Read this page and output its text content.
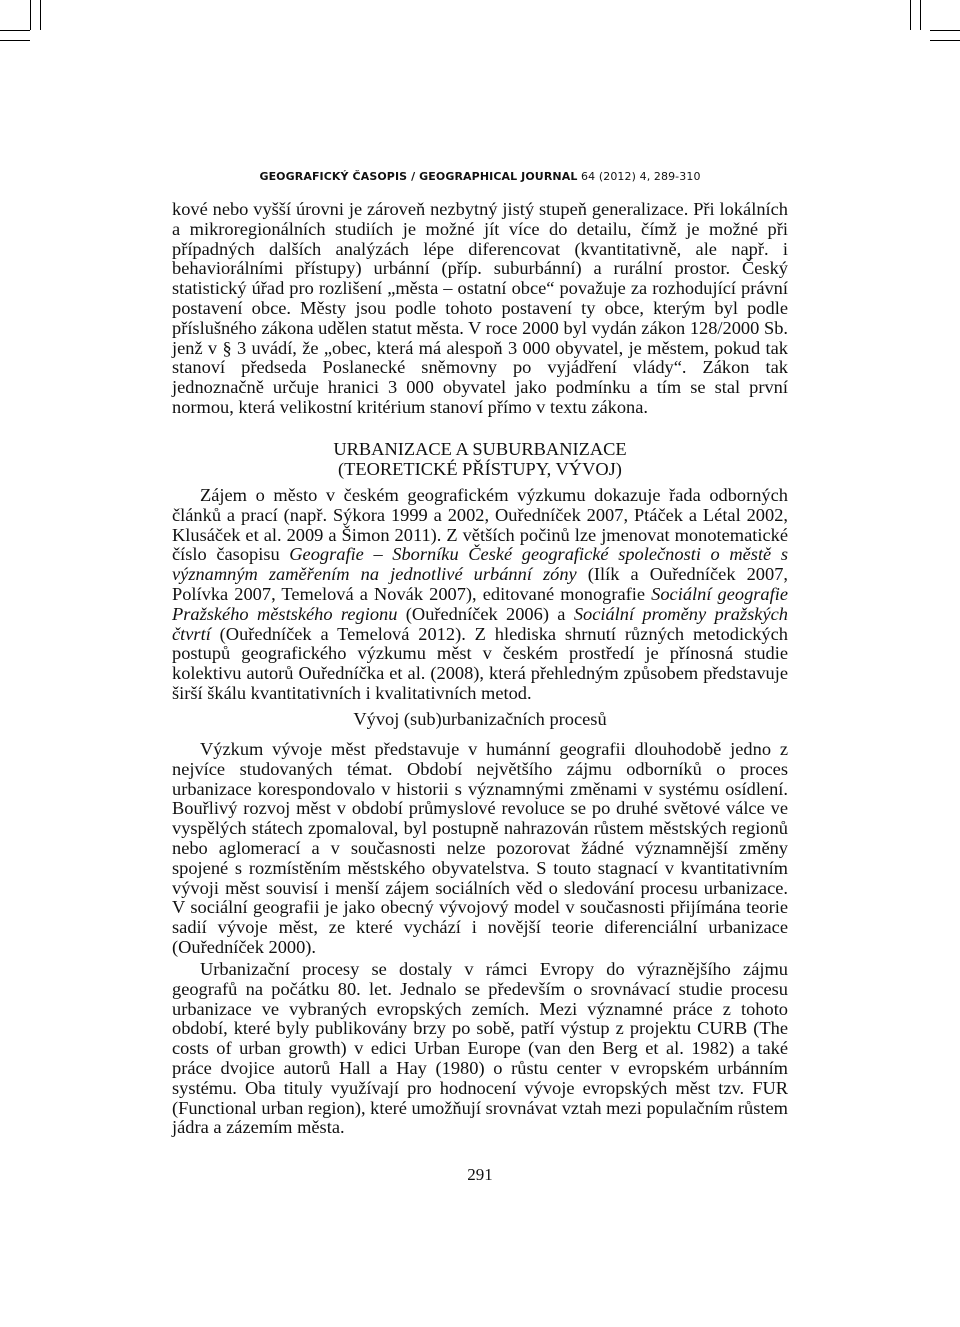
GEOGRAFICKÝ ČASOPIS / GEOGRAPHICAL JOURNAL 64 (2012) 4, 289-310

kové nebo vyšší úrovni je zároveň nezbytný jistý stupeň generalizace. Při lokálních a mikroregionálních studiích je možné jít více do detailu, čímž je možné při případných dalších analýzách lépe diferencovat (kvantitativně, ale např. i behaviorálními přístupy) urbánní (příp. suburbánní) a rurální prostor. Český statistický úřad pro rozlišení „města – ostatní obce“ považuje za rozhodující právní postavení obce. Městy jsou podle tohoto postavení ty obce, kterým byl podle příslušného zákona udělen statut města. V roce 2000 byl vydán zákon 128/2000 Sb. jenž v § 3 uvádí, že „obec, která má alespoň 3 000 obyvatel, je městem, pokud tak stanoví předseda Poslanecké sněmovny po vyjádření vlády“. Zákon tak jednoznačně určuje hranici 3 000 obyvatel jako podmínku a tím se stal první normou, která velikostní kritérium stanoví přímo v textu zákona.

URBANIZACE A SUBURBANIZACE
(TEORETICKÉ PŘÍSTUPY, VÝVOJ)

Zájem o město v českém geografickém výzkumu dokazuje řada odborných článků a prací (např. Sýkora 1999 a 2002, Ouředníček 2007, Ptáček a Létal 2002, Klusáček et al. 2009 a Šimon 2011). Z větších počinů lze jmenovat monotematické číslo časopisu Geografie – Sborníku České geografické společnosti o městě s významným zaměřením na jednotlivé urbánní zóny (Ilík a Ouředníček 2007, Polívka 2007, Temelová a Novák 2007), editované monografie Sociální geografie Pražského městského regionu (Ouředníček 2006) a Sociální proměny pražských čtvrtí (Ouředníček a Temelová 2012). Z hlediska shrnutí různých metodických postupů geografického výzkumu měst v českém prostředí je přínosná studie kolektivu autorů Ouředníčka et al. (2008), která přehledným způsobem představuje širší škálu kvantitativních i kvalitativních metod.

Vývoj (sub)urbanizačních procesů

Výzkum vývoje měst představuje v humánní geografii dlouhodobě jedno z nejvíce studovaných témat. Období největšího zájmu odborníků o proces urbanizace korespondovalo v historii s významnými změnami v systému osídlení. Bouřlivý rozvoj měst v období průmyslové revoluce se po druhé světové válce ve vyspělých státech zpomaloval, byl postupně nahrazován růstem městských regionů nebo aglomerací a v současnosti nelze pozorovat žádné významnější změny spojené s rozmístěním městského obyvatelstva. S touto stagnací v kvantitativním vývoji měst souvisí i menší zájem sociálních věd o sledování procesu urbanizace. V sociální geografii je jako obecný vývojový model v současnosti přijímána teorie sadií vývoje měst, ze které vychází i novější teorie diferenciální urbanizace (Ouředníček 2000).

Urbanizační procesy se dostaly v rámci Evropy do výraznějšího zájmu geografů na počátku 80. let. Jednalo se především o srovnávací studie procesu urbanizace ve vybraných evropských zemích. Mezi významné práce z tohoto období, které byly publikovány brzy po sobě, patří výstup z projektu CURB (The costs of urban growth) v edici Urban Europe (van den Berg et al. 1982) a také práce dvojice autorů Hall a Hay (1980) o růstu center v evropském urbánním systému. Oba tituly využívají pro hodnocení vývoje evropských měst tzv. FUR (Functional urban region), které umožňují srovnávat vztah mezi populačním růstem jádra a zázemím města.

291
